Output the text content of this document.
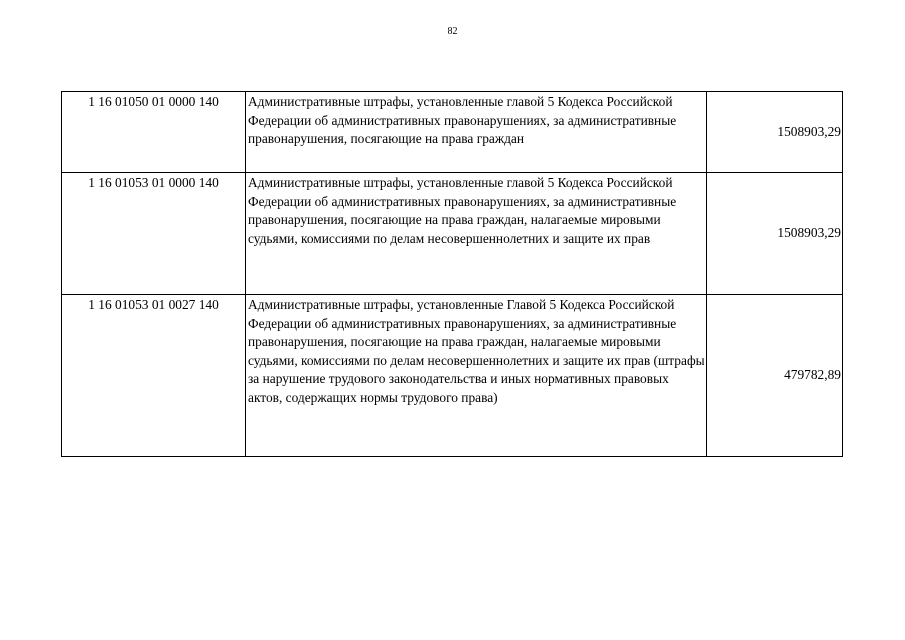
82
1 16 01050 01 0000 140	Административные штрафы, установленные главой 5 Кодекса Российской Федерации об административных правонарушениях, за административные правонарушения, посягающие на права граждан	1508903,29
1 16 01053 01 0000 140	Административные штрафы, установленные главой 5 Кодекса Российской Федерации об административных правонарушениях, за административные правонарушения, посягающие на права граждан, налагаемые мировыми судьями, комиссиями по делам несовершеннолетних и защите их прав	1508903,29
1 16 01053 01 0027 140	Административные штрафы, установленные Главой 5 Кодекса Российской Федерации об административных правонарушениях, за административные правонарушения, посягающие на права граждан, налагаемые мировыми судьями, комиссиями по делам несовершеннолетних и защите их прав (штрафы за нарушение трудового законодательства и иных нормативных правовых актов, содержащих нормы трудового права)	479782,89
